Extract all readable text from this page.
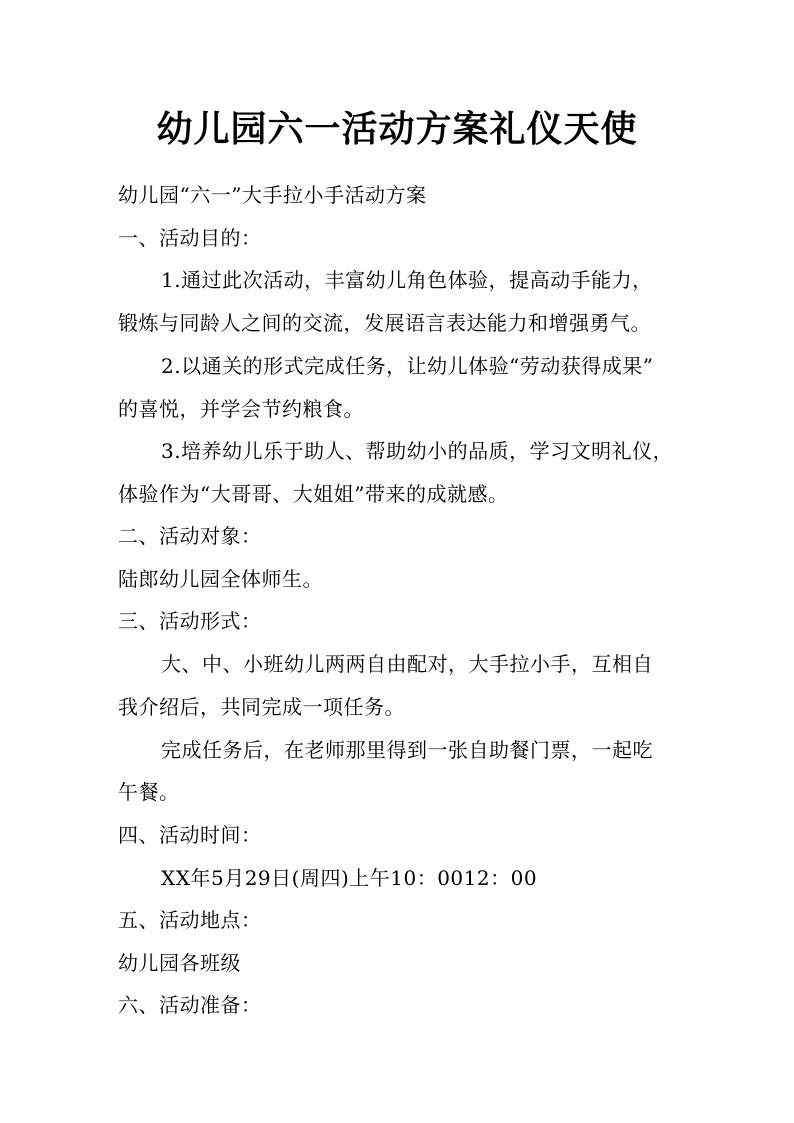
幼儿园六一活动方案礼仪天使
幼儿园“六一”大手拉小手活动方案
一、活动目的：
1.通过此次活动，丰富幼儿角色体验，提高动手能力，
锻炼与同龄人之间的交流，发展语言表达能力和增强勇气。
2.以通关的形式完成任务，让幼儿体验“劳动获得成果”
的喜悦，并学会节约粮食。
3.培养幼儿乐于助人、帮助幼小的品质，学习文明礼仪，
体验作为“大哥哥、大姐姐”带来的成就感。
二、活动对象：
陆郎幼儿园全体师生。
三、活动形式：
大、中、小班幼儿两两自由配对，大手拉小手，互相自
我介绍后，共同完成一项任务。
完成任务后，在老师那里得到一张自助餐门票，一起吃
午餐。
四、活动时间：
XX年5月29日(周四)上午10：0012：00
五、活动地点：
幼儿园各班级
六、活动准备：
